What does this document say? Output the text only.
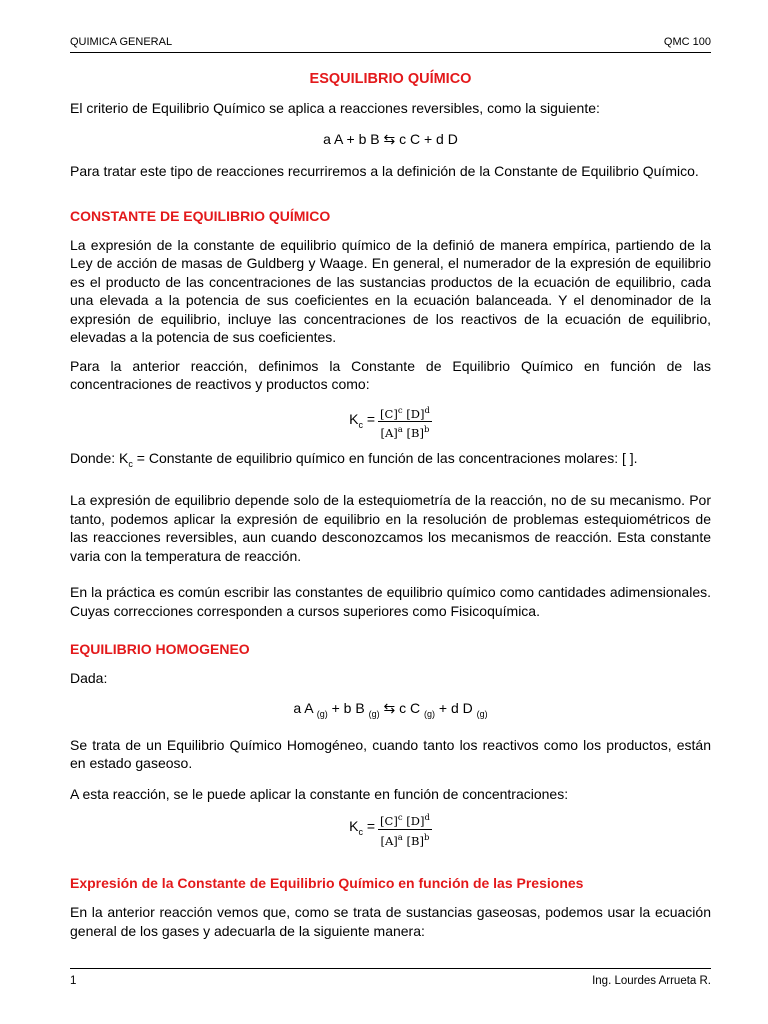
QUIMICA GENERAL	QMC 100
ESQUILIBRIO QUÍMICO

El criterio de Equilibrio Químico se aplica a reacciones reversibles, como la siguiente:

a A + b B ⇆ c C + d D

Para tratar este tipo de reacciones recurriremos a la definición de la Constante de Equilibrio Químico.

CONSTANTE DE EQUILIBRIO QUÍMICO

La expresión de la constante de equilibrio químico de la definió de manera empírica, partiendo de la Ley de acción de masas de Guldberg y Waage. En general, el numerador de la expresión de equilibrio es el producto de las concentraciones de las sustancias productos de la ecuación de equilibrio, cada una elevada a la potencia de sus coeficientes en la ecuación balanceada. Y el denominador de la expresión de equilibrio, incluye las concentraciones de los reactivos de la ecuación de equilibrio, elevadas a la potencia de sus coeficientes.

Para la anterior reacción, definimos la Constante de Equilibrio Químico en función de las concentraciones de reactivos y productos como:

$K_c = \frac{[C]^c [D]^d}{[A]^a [B]^b}$

Donde: $K_c$ = Constante de equilibrio químico en función de las concentraciones molares: [ ].

La expresión de equilibrio depende solo de la estequiometría de la reacción, no de su mecanismo. Por tanto, podemos aplicar la expresión de equilibrio en la resolución de problemas estequiométricos de las reacciones reversibles, aun cuando desconozcamos los mecanismos de reacción. Esta constante varia con la temperatura de reacción.

En la práctica es común escribir las constantes de equilibrio químico como cantidades adimensionales. Cuyas correcciones corresponden a cursos superiores como Fisicoquímica.

EQUILIBRIO HOMOGENEO

Dada:

a A $_{(g)}$ + b B $_{(g)}$ ⇆ c C $_{(g)}$ + d D $_{(g)}$

Se trata de un Equilibrio Químico Homogéneo, cuando tanto los reactivos como los productos, están en estado gaseoso.

A esta reacción, se le puede aplicar la constante en función de concentraciones:

$K_c = \frac{[C]^c [D]^d}{[A]^a [B]^b}$
Expresión de la Constante de Equilibrio Químico en función de las Presiones

En la anterior reacción vemos que, como se trata de sustancias gaseosas, podemos usar la ecuación general de los gases y adecuarla de la siguiente manera:

1	Ing. Lourdes Arrueta R.
